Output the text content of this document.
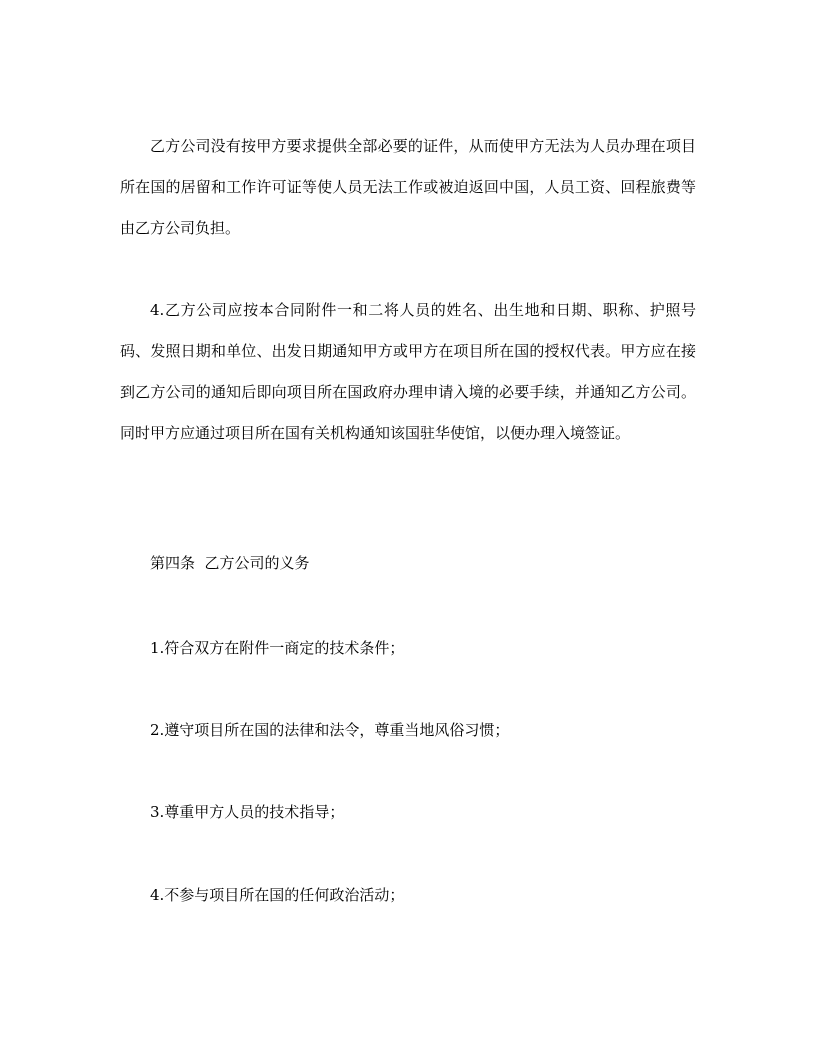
乙方公司没有按甲方要求提供全部必要的证件，从而使甲方无法为人员办理在项目所在国的居留和工作许可证等使人员无法工作或被迫返回中国，人员工资、回程旅费等由乙方公司负担。

4.乙方公司应按本合同附件一和二将人员的姓名、出生地和日期、职称、护照号码、发照日期和单位、出发日期通知甲方或甲方在项目所在国的授权代表。甲方应在接到乙方公司的通知后即向项目所在国政府办理申请入境的必要手续，并通知乙方公司。同时甲方应通过项目所在国有关机构通知该国驻华使馆，以便办理入境签证。

第四条  乙方公司的义务

1.符合双方在附件一商定的技术条件；

2.遵守项目所在国的法律和法令，尊重当地风俗习惯；

3.尊重甲方人员的技术指导；

4.不参与项目所在国的任何政治活动；
